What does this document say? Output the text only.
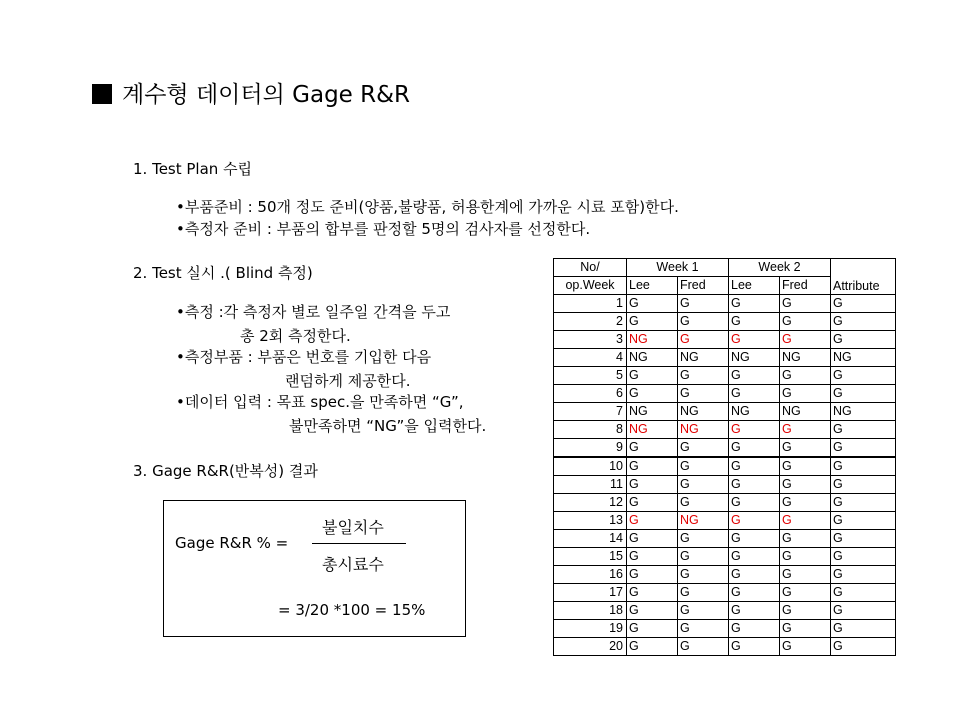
계수형 데이터의 Gage R&R
1. Test Plan 수립
•부품준비 : 50개 정도 준비(양품,불량품, 허용한계에 가까운 시료 포함)한다.
•측정자 준비 : 부품의 합부를 판정할 5명의 검사자를 선정한다.
2. Test 실시 .( Blind 측정)
•측정 :각 측정자 별로 일주일 간격을 두고
총 2회 측정한다.
•측정부품 : 부품은 번호를 기입한 다음
랜덤하게 제공한다.
•데이터 입력 : 목표 spec.을 만족하면 “G”,
불만족하면 “NG”을 입력한다.
3. Gage R&R(반복성) 결과
Gage R&R % =
불일치수
총시료수
= 3/20 *100 = 15%
No/	Week 1		Week 2		Attribute
op.Week	Lee	Fred	Lee	Fred	
1	G	G	G	G	G
2	G	G	G	G	G
3	NG	G	G	G	G
4	NG	NG	NG	NG	NG
5	G	G	G	G	G
6	G	G	G	G	G
7	NG	NG	NG	NG	NG
8	NG	NG	G	G	G
9	G	G	G	G	G
10	G	G	G	G	G
11	G	G	G	G	G
12	G	G	G	G	G
13	G	NG	G	G	G
14	G	G	G	G	G
15	G	G	G	G	G
16	G	G	G	G	G
17	G	G	G	G	G
18	G	G	G	G	G
19	G	G	G	G	G
20	G	G	G	G	G
